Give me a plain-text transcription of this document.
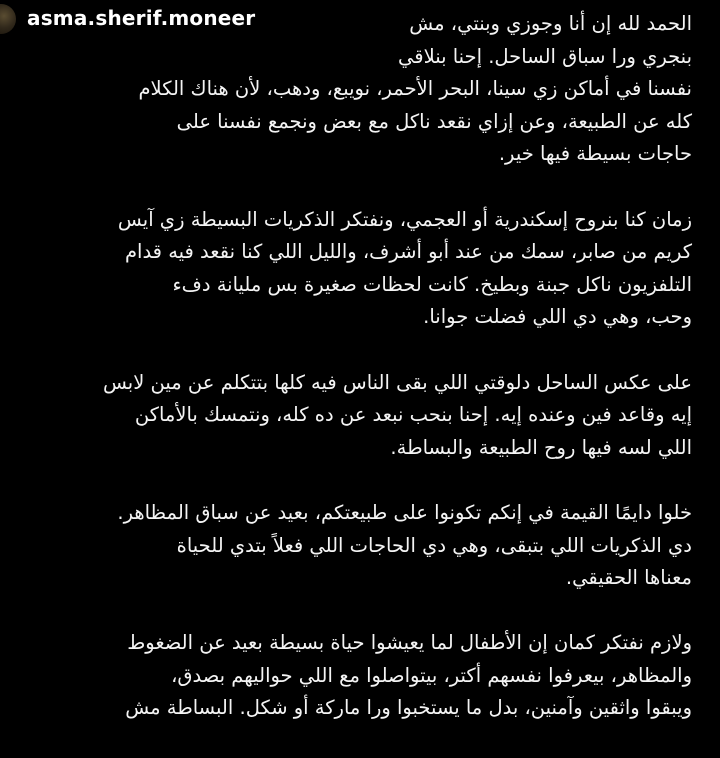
asma.sherif.moneer	الحمد لله إن أنا وجوزي وبنتي، مش
بنجري ورا سباق الساحل. إحنا بنلاقي
نفسنا في أماكن زي سينا، البحر الأحمر، نويبع، ودهب، لأن هناك الكلام
كله عن الطبيعة، وعن إزاي نقعد ناكل مع بعض ونجمع نفسنا على
حاجات بسيطة فيها خير.

زمان كنا بنروح إسكندرية أو العجمي، ونفتكر الذكريات البسيطة زي آيس
كريم من صابر، سمك من عند أبو أشرف، والليل اللي كنا نقعد فيه قدام
التلفزيون ناكل جبنة وبطيخ. كانت لحظات صغيرة بس مليانة دفء
وحب، وهي دي اللي فضلت جوانا.

على عكس الساحل دلوقتي اللي بقى الناس فيه كلها بتتكلم عن مين لابس
إيه وقاعد فين وعنده إيه. إحنا بنحب نبعد عن ده كله، ونتمسك بالأماكن
اللي لسه فيها روح الطبيعة والبساطة.

خلوا دايمًا القيمة في إنكم تكونوا على طبيعتكم، بعيد عن سباق المظاهر.
دي الذكريات اللي بتبقى، وهي دي الحاجات اللي فعلاً بتدي للحياة
معناها الحقيقي.

ولازم نفتكر كمان إن الأطفال لما يعيشوا حياة بسيطة بعيد عن الضغوط
والمظاهر، بيعرفوا نفسهم أكتر، بيتواصلوا مع اللي حواليهم بصدق،
ويبقوا واثقين وآمنين، بدل ما يستخبوا ورا ماركة أو شكل. البساطة مش
